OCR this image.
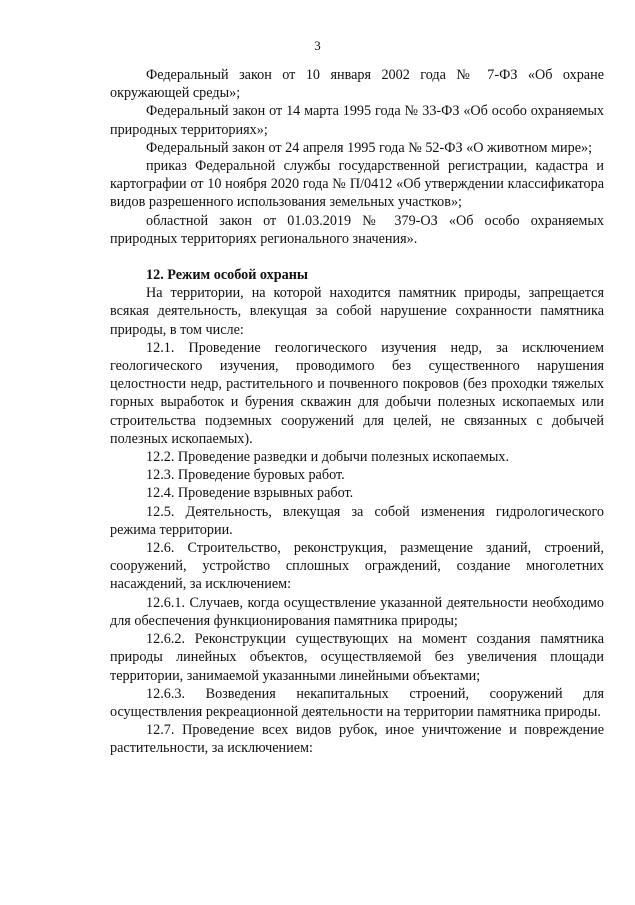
3

Федеральный закон от 10 января 2002 года № 7-ФЗ «Об охране окружающей среды»;

Федеральный закон от 14 марта 1995 года № 33-ФЗ «Об особо охраняемых природных территориях»;

Федеральный закон от 24 апреля 1995 года № 52-ФЗ «О животном мире»;

приказ Федеральной службы государственной регистрации, кадастра и картографии от 10 ноября 2020 года № П/0412 «Об утверждении классификатора видов разрешенного использования земельных участков»;

областной закон от 01.03.2019 № 379-ОЗ «Об особо охраняемых природных территориях регионального значения».

12. Режим особой охраны

На территории, на которой находится памятник природы, запрещается всякая деятельность, влекущая за собой нарушение сохранности памятника природы, в том числе:

12.1. Проведение геологического изучения недр, за исключением геологического изучения, проводимого без существенного нарушения целостности недр, растительного и почвенного покровов (без проходки тяжелых горных выработок и бурения скважин для добычи полезных ископаемых или строительства подземных сооружений для целей, не связанных с добычей полезных ископаемых).

12.2. Проведение разведки и добычи полезных ископаемых.

12.3. Проведение буровых работ.

12.4. Проведение взрывных работ.

12.5. Деятельность, влекущая за собой изменения гидрологического режима территории.

12.6. Строительство, реконструкция, размещение зданий, строений, сооружений, устройство сплошных ограждений, создание многолетних насаждений, за исключением:

12.6.1. Случаев, когда осуществление указанной деятельности необходимо для обеспечения функционирования памятника природы;

12.6.2. Реконструкции существующих на момент создания памятника природы линейных объектов, осуществляемой без увеличения площади территории, занимаемой указанными линейными объектами;

12.6.3. Возведения некапитальных строений, сооружений для осуществления рекреационной деятельности на территории памятника природы.

12.7. Проведение всех видов рубок, иное уничтожение и повреждение растительности, за исключением:
